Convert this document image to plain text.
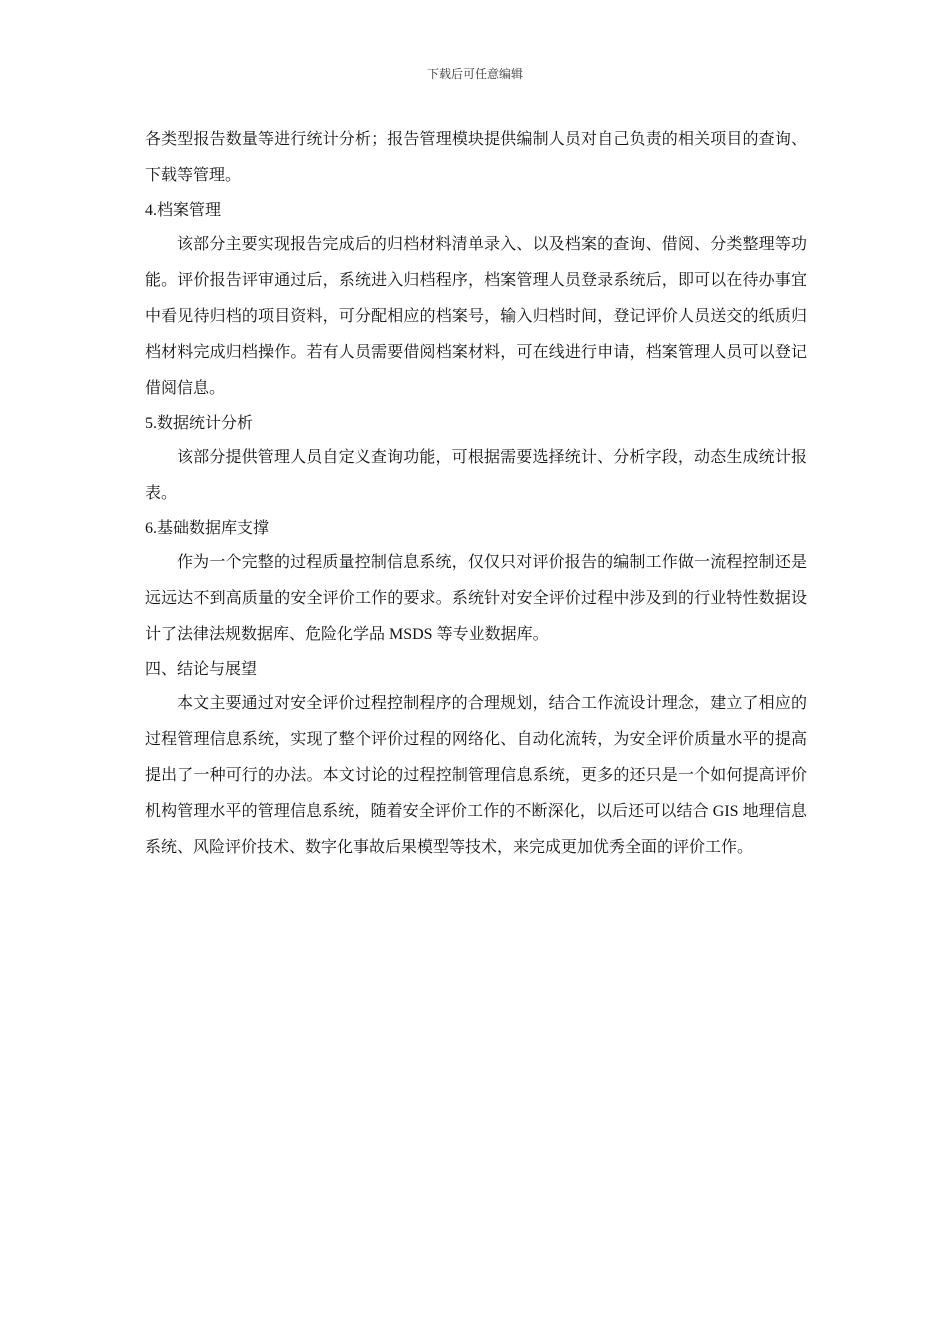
下载后可任意编辑

各类型报告数量等进行统计分析；报告管理模块提供编制人员对自己负责的相关项目的查询、下载等管理。

4.档案管理

该部分主要实现报告完成后的归档材料清单录入、以及档案的查询、借阅、分类整理等功能。评价报告评审通过后，系统进入归档程序，档案管理人员登录系统后，即可以在待办事宜中看见待归档的项目资料，可分配相应的档案号，输入归档时间，登记评价人员送交的纸质归档材料完成归档操作。若有人员需要借阅档案材料，可在线进行申请，档案管理人员可以登记借阅信息。

5.数据统计分析

该部分提供管理人员自定义查询功能，可根据需要选择统计、分析字段，动态生成统计报表。

6.基础数据库支撑

作为一个完整的过程质量控制信息系统，仅仅只对评价报告的编制工作做一流程控制还是远远达不到高质量的安全评价工作的要求。系统针对安全评价过程中涉及到的行业特性数据设计了法律法规数据库、危险化学品 MSDS 等专业数据库。

四、结论与展望

本文主要通过对安全评价过程控制程序的合理规划，结合工作流设计理念，建立了相应的过程管理信息系统，实现了整个评价过程的网络化、自动化流转，为安全评价质量水平的提高提出了一种可行的办法。本文讨论的过程控制管理信息系统，更多的还只是一个如何提高评价机构管理水平的管理信息系统，随着安全评价工作的不断深化，以后还可以结合 GIS 地理信息系统、风险评价技术、数字化事故后果模型等技术，来完成更加优秀全面的评价工作。
